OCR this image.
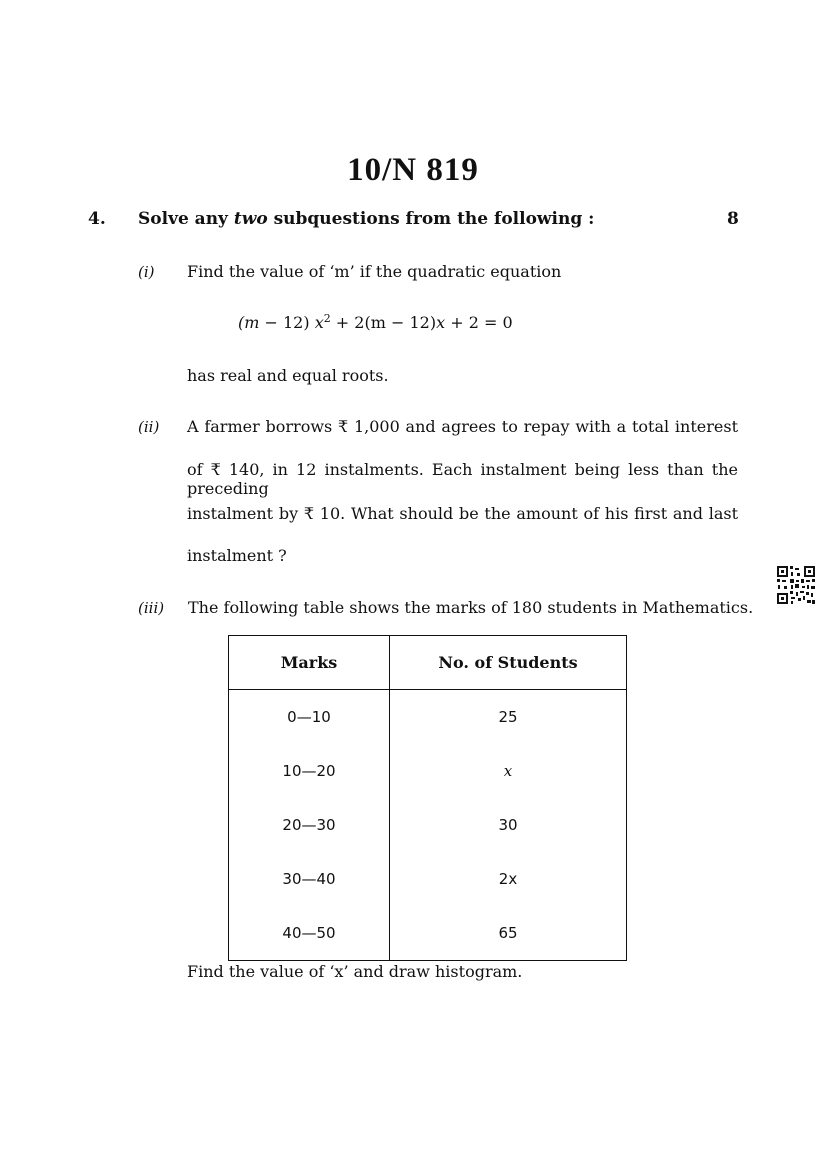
10/N 819
4. Solve any two subquestions from the following :	8
(i) Find the value of ‘m’ if the quadratic equation
(m − 12) $x^2 + 2(m - 12)x + 2 = 0$
has real and equal roots.
(ii) A farmer borrows ₹ 1,000 and agrees to repay with a total interest
of ₹ 140, in 12 instalments. Each instalment being less than the preceding
instalment by ₹ 10. What should be the amount of his first and last
instalment ?
(iii) The following table shows the marks of 180 students in Mathematics.
Marks	No. of Students
0—10	25
10—20	x
20—30	30
30—40	2x
40—50	65
Find the value of ‘x’ and draw histogram.
